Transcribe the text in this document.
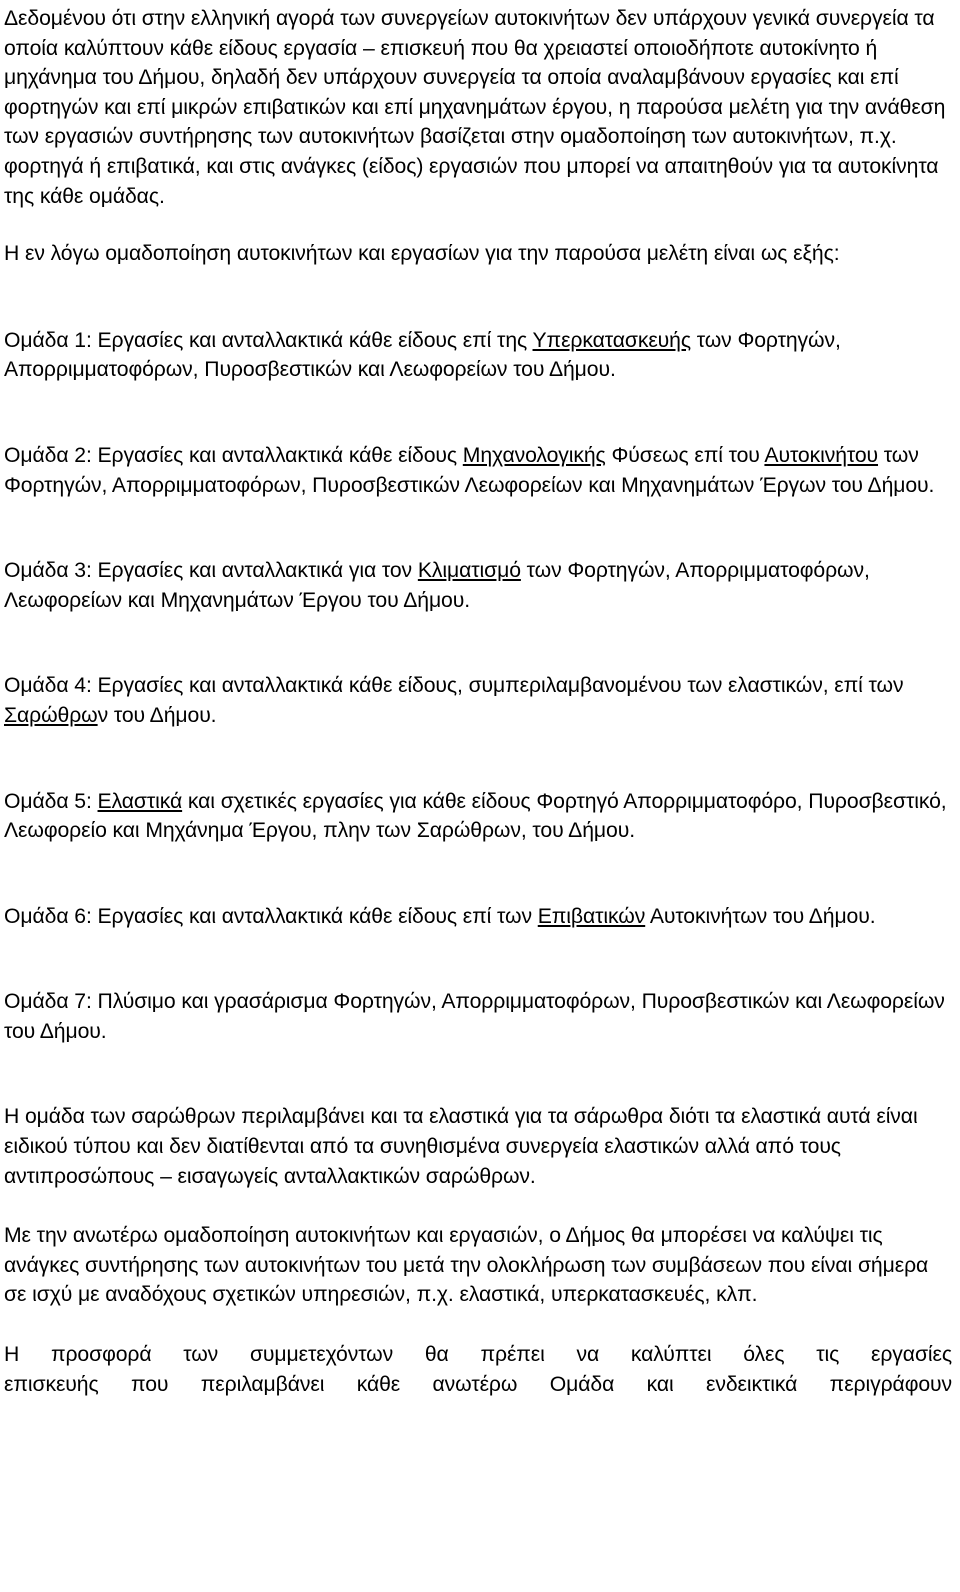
Δεδομένου ότι στην ελληνική αγορά των συνεργείων αυτοκινήτων δεν υπάρχουν γενικά συνεργεία τα οποία καλύπτουν κάθε είδους εργασία – επισκευή που θα χρειαστεί οποιοδήποτε αυτοκίνητο ή μηχάνημα του Δήμου, δηλαδή δεν υπάρχουν συνεργεία τα οποία αναλαμβάνουν εργασίες και επί φορτηγών και επί μικρών επιβατικών και επί μηχανημάτων έργου, η παρούσα μελέτη για την ανάθεση των εργασιών συντήρησης των αυτοκινήτων βασίζεται στην ομαδοποίηση των αυτοκινήτων, π.χ. φορτηγά ή επιβατικά, και στις ανάγκες (είδος) εργασιών που μπορεί να απαιτηθούν για τα αυτοκίνητα της κάθε ομάδας.

Η εν λόγω ομαδοποίηση αυτοκινήτων και εργασίων για την παρούσα μελέτη είναι ως εξής:

Ομάδα 1: Εργασίες και ανταλλακτικά κάθε είδους επί της Υπερκατασκευής των Φορτηγών, Απορριμματοφόρων, Πυροσβεστικών και Λεωφορείων του Δήμου.

Ομάδα 2: Εργασίες και ανταλλακτικά κάθε είδους Μηχανολογικής Φύσεως επί του Αυτοκινήτου των Φορτηγών, Απορριμματοφόρων, Πυροσβεστικών Λεωφορείων και Μηχανημάτων Έργων του Δήμου.

Ομάδα 3: Εργασίες και ανταλλακτικά για τον Κλιματισμό των Φορτηγών, Απορριμματοφόρων, Λεωφορείων και Μηχανημάτων Έργου του Δήμου.

Ομάδα 4: Εργασίες και ανταλλακτικά κάθε είδους, συμπεριλαμβανομένου των ελαστικών, επί των Σαρώθρων του Δήμου.

Ομάδα 5: Ελαστικά και σχετικές εργασίες για κάθε είδους Φορτηγό Απορριμματοφόρο, Πυροσβεστικό, Λεωφορείο και Μηχάνημα Έργου, πλην των Σαρώθρων, του Δήμου.

Ομάδα 6: Εργασίες και ανταλλακτικά κάθε είδους επί των Επιβατικών Αυτοκινήτων του Δήμου.

Ομάδα 7: Πλύσιμο και γρασάρισμα Φορτηγών, Απορριμματοφόρων, Πυροσβεστικών και Λεωφορείων του Δήμου.

Η ομάδα των σαρώθρων περιλαμβάνει και τα ελαστικά για τα σάρωθρα διότι τα ελαστικά αυτά είναι ειδικού τύπου και δεν διατίθενται από τα συνηθισμένα συνεργεία ελαστικών αλλά από τους αντιπροσώπους – εισαγωγείς ανταλλακτικών σαρώθρων.

Με την ανωτέρω ομαδοποίηση αυτοκινήτων και εργασιών, ο Δήμος θα μπορέσει να καλύψει τις ανάγκες συντήρησης των αυτοκινήτων του μετά την ολοκλήρωση των συμβάσεων που είναι σήμερα σε ισχύ με αναδόχους σχετικών υπηρεσιών, π.χ. ελαστικά, υπερκατασκευές, κλπ.

Η προσφορά των συμμετεχόντων θα πρέπει να καλύπτει όλες τις εργασίες

επισκευής που περιλαμβάνει κάθε ανωτέρω Ομάδα και ενδεικτικά περιγράφουν
